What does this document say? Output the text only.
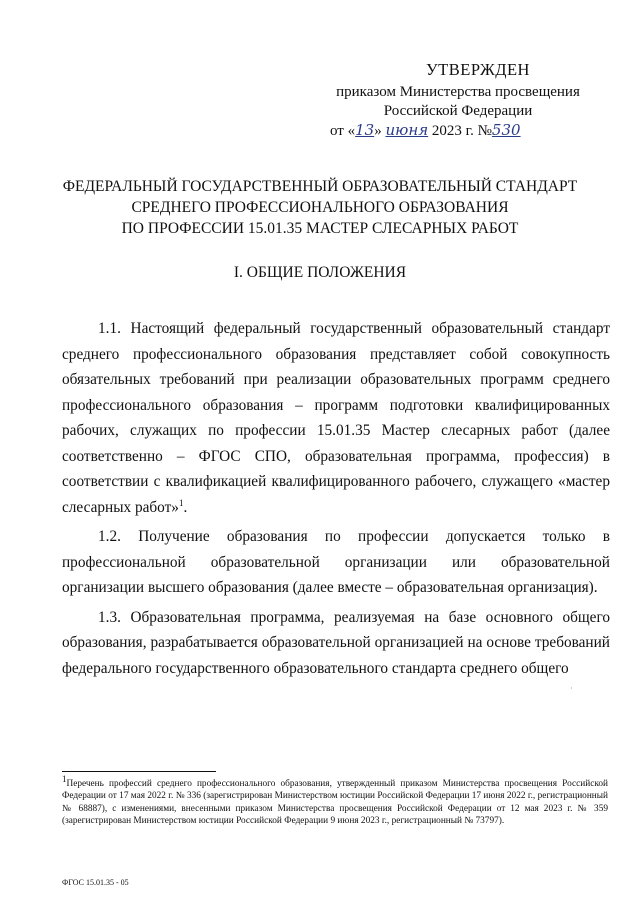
УТВЕРЖДЕН
приказом Министерства просвещения
Российской Федерации
от «13» июня 2023 г. №530
ФЕДЕРАЛЬНЫЙ ГОСУДАРСТВЕННЫЙ ОБРАЗОВАТЕЛЬНЫЙ СТАНДАРТ
СРЕДНЕГО ПРОФЕССИОНАЛЬНОГО ОБРАЗОВАНИЯ
ПО ПРОФЕССИИ 15.01.35 МАСТЕР СЛЕСАРНЫХ РАБОТ
I. ОБЩИЕ ПОЛОЖЕНИЯ

1.1. Настоящий федеральный государственный образовательный стандарт среднего профессионального образования представляет собой совокупность обязательных требований при реализации образовательных программ среднего профессионального образования – программ подготовки квалифицированных рабочих, служащих по профессии 15.01.35 Мастер слесарных работ (далее соответственно – ФГОС СПО, образовательная программа, профессия) в соответствии с квалификацией квалифицированного рабочего, служащего «мастер слесарных работ»$^1$.

1.2. Получение образования по профессии допускается только в профессиональной образовательной организации или образовательной организации высшего образования (далее вместе – образовательная организация).

1.3. Образовательная программа, реализуемая на базе основного общего образования, разрабатывается образовательной организацией на основе требований федерального государственного образовательного стандарта среднего общего

·
$^1$Перечень профессий среднего профессионального образования, утвержденный приказом Министерства просвещения Российской Федерации от 17 мая 2022 г. № 336 (зарегистрирован Министерством юстиции Российской Федерации 17 июня 2022 г., регистрационный № 68887), с изменениями, внесенными приказом Министерства просвещения Российской Федерации от 12 мая 2023 г. № 359 (зарегистрирован Министерством юстиции Российской Федерации 9 июня 2023 г., регистрационный № 73797).
ФГОС 15.01.35 - 05
